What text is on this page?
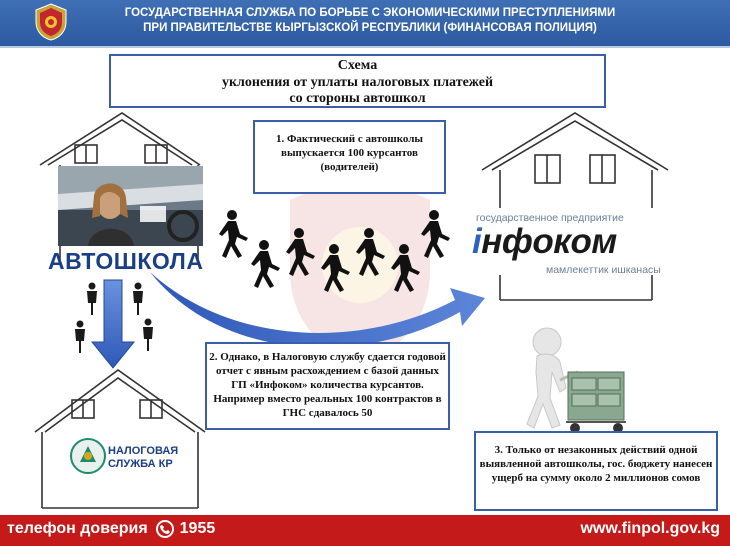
ГОСУДАРСТВЕННАЯ СЛУЖБА ПО БОРЬБЕ С ЭКОНОМИЧЕСКИМИ ПРЕСТУПЛЕНИЯМИ
ПРИ ПРАВИТЕЛЬСТВЕ КЫРГЫЗСКОЙ РЕСПУБЛИКИ (ФИНАНСОВАЯ ПОЛИЦИЯ)
Схема
уклонения от уплаты налоговых платежей
со стороны автошкол
АВТОШКОЛА
государственное предприятие
інфоком
мамлекеттик ишканасы
НАЛОГОВАЯ
СЛУЖБА КР
1. Фактический с автошколы выпускается 100 курсантов (водителей)
2. Однако, в Налоговую службу сдается годовой отчет с явным расхождением с базой данных ГП «Инфоком» количества курсантов. Например вместо реальных 100 контрактов в ГНС сдавалось 50
3. Только от незаконных действий одной выявленной автошколы, гос. бюджету нанесен ущерб на сумму около 2 миллионов сомов
телефон доверия 1955	www.finpol.gov.kg
